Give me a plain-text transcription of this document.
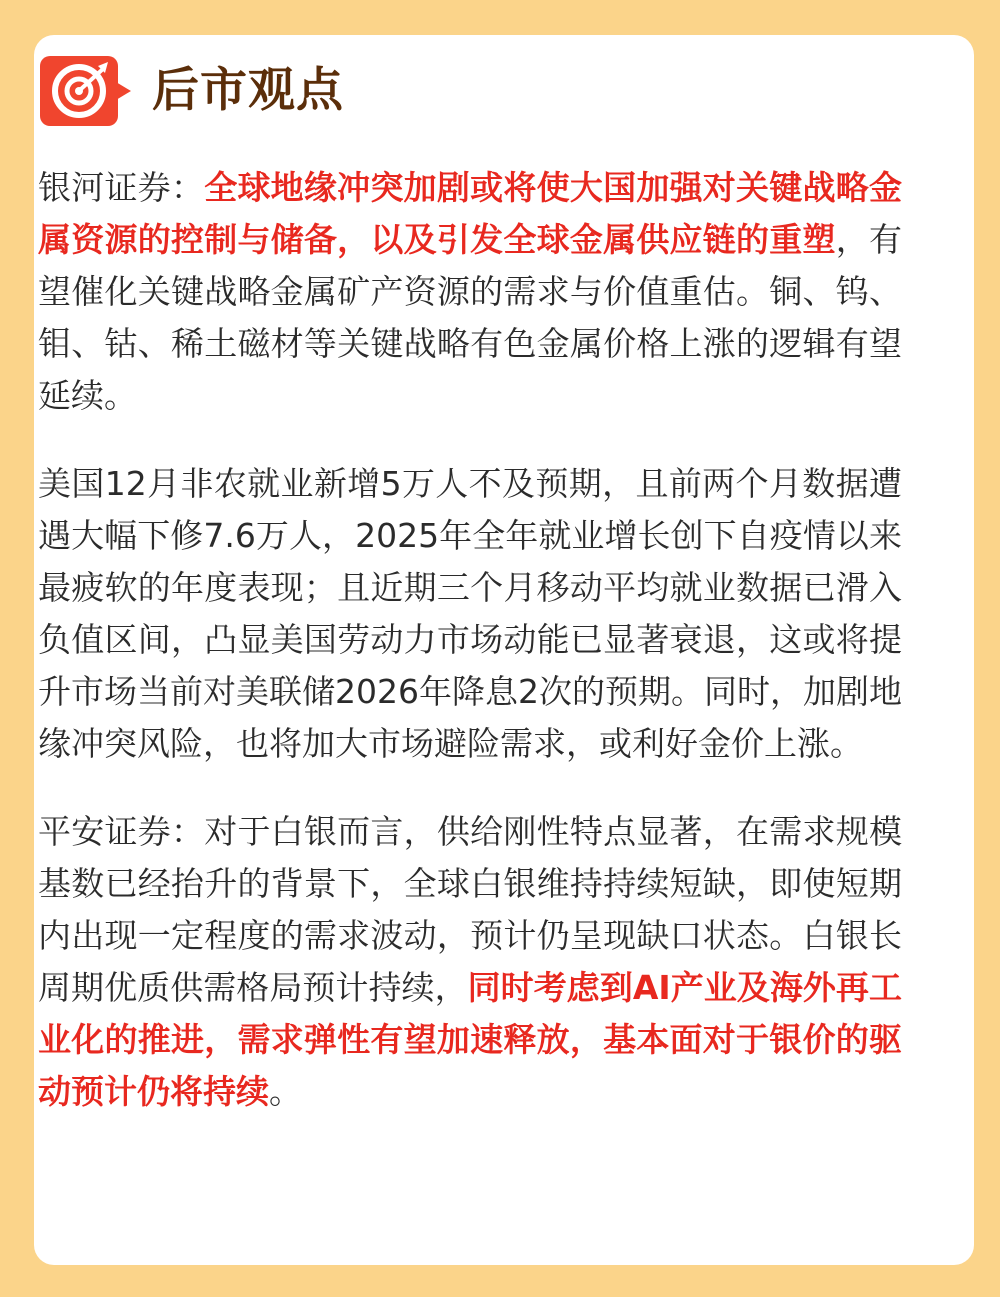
后市观点

银河证券：全球地缘冲突加剧或将使大国加强对关键战略金属资源的控制与储备，以及引发全球金属供应链的重塑，有望催化关键战略金属矿产资源的需求与价值重估。铜、钨、钼、钴、稀土磁材等关键战略有色金属价格上涨的逻辑有望延续。

美国12月非农就业新增5万人不及预期，且前两个月数据遭遇大幅下修7.6万人，2025年全年就业增长创下自疫情以来最疲软的年度表现；且近期三个月移动平均就业数据已滑入负值区间，凸显美国劳动力市场动能已显著衰退，这或将提升市场当前对美联储2026年降息2次的预期。同时，加剧地缘冲突风险，也将加大市场避险需求，或利好金价上涨。

平安证券：对于白银而言，供给刚性特点显著，在需求规模基数已经抬升的背景下，全球白银维持持续短缺，即使短期内出现一定程度的需求波动，预计仍呈现缺口状态。白银长周期优质供需格局预计持续，同时考虑到AI产业及海外再工业化的推进，需求弹性有望加速释放，基本面对于银价的驱动预计仍将持续。
